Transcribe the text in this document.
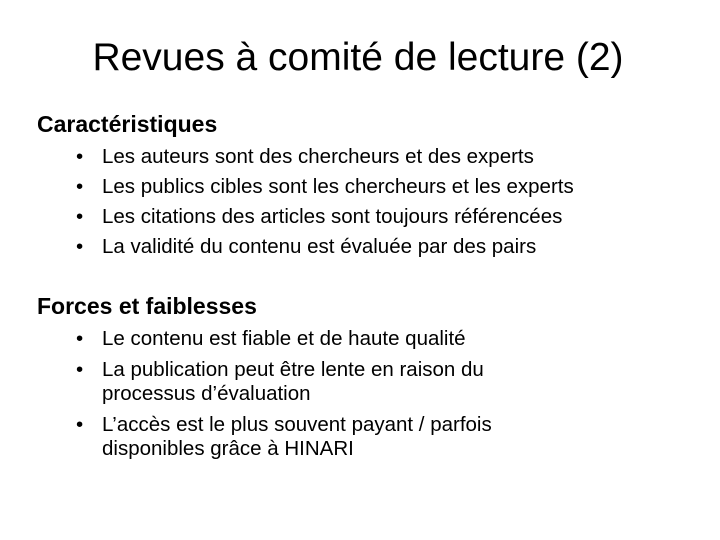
Revues à comité de lecture (2)
Caractéristiques
• Les auteurs sont des chercheurs et des experts
• Les publics cibles sont les chercheurs et les experts
• Les citations des articles sont toujours référencées
• La validité du contenu est évaluée par des pairs
Forces et faiblesses
• Le contenu est fiable et de haute qualité
• La publication peut être lente en raison du processus d’évaluation
• L’accès est le plus souvent payant / parfois disponibles grâce à HINARI
